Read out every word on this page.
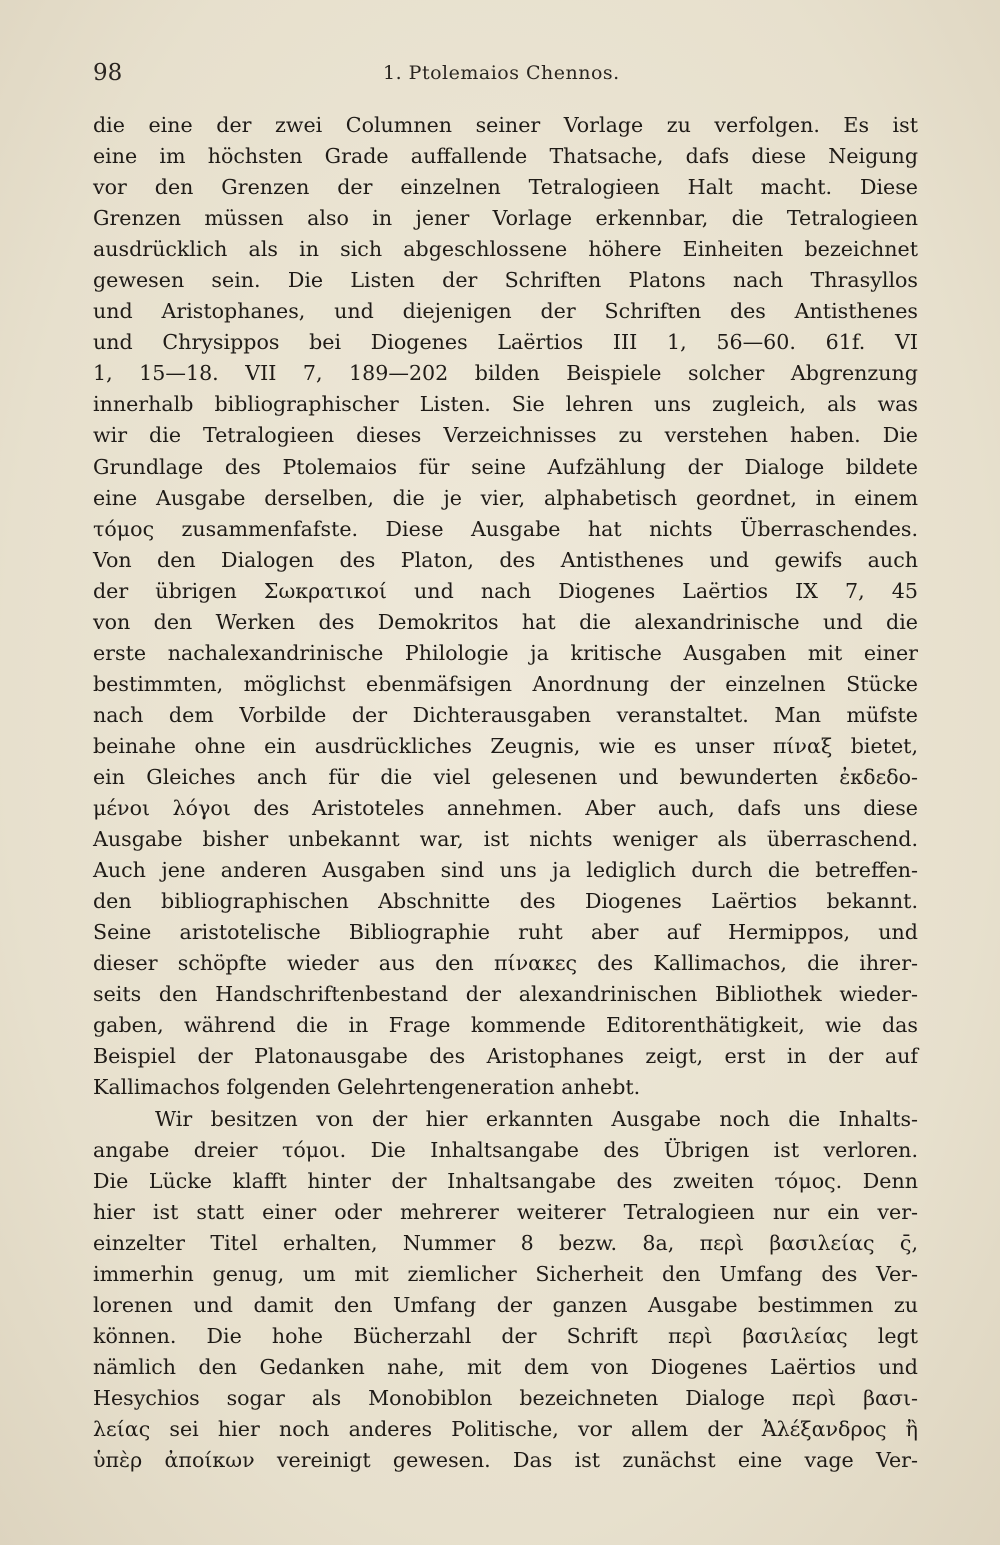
98	1. Ptolemaios Chennos.
die eine der zwei Columnen seiner Vorlage zu verfolgen. Es ist
eine im höchsten Grade auffallende Thatsache, dafs diese Neigung
vor den Grenzen der einzelnen Tetralogieen Halt macht. Diese
Grenzen müssen also in jener Vorlage erkennbar, die Tetralogieen
ausdrücklich als in sich abgeschlossene höhere Einheiten bezeichnet
gewesen sein. Die Listen der Schriften Platons nach Thrasyllos
und Aristophanes, und diejenigen der Schriften des Antisthenes
und Chrysippos bei Diogenes Laërtios III 1, 56—60. 61f. VI
1, 15—18. VII 7, 189—202 bilden Beispiele solcher Abgrenzung
innerhalb bibliographischer Listen. Sie lehren uns zugleich, als was
wir die Tetralogieen dieses Verzeichnisses zu verstehen haben. Die
Grundlage des Ptolemaios für seine Aufzählung der Dialoge bildete
eine Ausgabe derselben, die je vier, alphabetisch geordnet, in einem
τόμος zusammenfafste. Diese Ausgabe hat nichts Überraschendes.
Von den Dialogen des Platon, des Antisthenes und gewifs auch
der übrigen Σωκρατικοί und nach Diogenes Laërtios IX 7, 45
von den Werken des Demokritos hat die alexandrinische und die
erste nachalexandrinische Philologie ja kritische Ausgaben mit einer
bestimmten, möglichst ebenmäfsigen Anordnung der einzelnen Stücke
nach dem Vorbilde der Dichterausgaben veranstaltet. Man müfste
beinahe ohne ein ausdrückliches Zeugnis, wie es unser πίναξ bietet,
ein Gleiches anch für die viel gelesenen und bewunderten ἐκδεδο-
μένοι λόγοι des Aristoteles annehmen. Aber auch, dafs uns diese
Ausgabe bisher unbekannt war, ist nichts weniger als überraschend.
Auch jene anderen Ausgaben sind uns ja lediglich durch die betreffen-
den bibliographischen Abschnitte des Diogenes Laërtios bekannt.
Seine aristotelische Bibliographie ruht aber auf Hermippos, und
dieser schöpfte wieder aus den πίνακες des Kallimachos, die ihrer-
seits den Handschriftenbestand der alexandrinischen Bibliothek wieder-
gaben, während die in Frage kommende Editorenthätigkeit, wie das
Beispiel der Platonausgabe des Aristophanes zeigt, erst in der auf
Kallimachos folgenden Gelehrtengeneration anhebt.
Wir besitzen von der hier erkannten Ausgabe noch die Inhalts-
angabe dreier τόμοι. Die Inhaltsangabe des Übrigen ist verloren.
Die Lücke klafft hinter der Inhaltsangabe des zweiten τόμος. Denn
hier ist statt einer oder mehrerer weiterer Tetralogieen nur ein ver-
einzelter Titel erhalten, Nummer 8 bezw. 8a, περὶ βασιλείας ς̄,
immerhin genug, um mit ziemlicher Sicherheit den Umfang des Ver-
lorenen und damit den Umfang der ganzen Ausgabe bestimmen zu
können. Die hohe Bücherzahl der Schrift περὶ βασιλείας legt
nämlich den Gedanken nahe, mit dem von Diogenes Laërtios und
Hesychios sogar als Monobiblon bezeichneten Dialoge περὶ βασι-
λείας sei hier noch anderes Politische, vor allem der Ἀλέξανδρος ἢ
ὑπὲρ ἀποίκων vereinigt gewesen. Das ist zunächst eine vage Ver-
